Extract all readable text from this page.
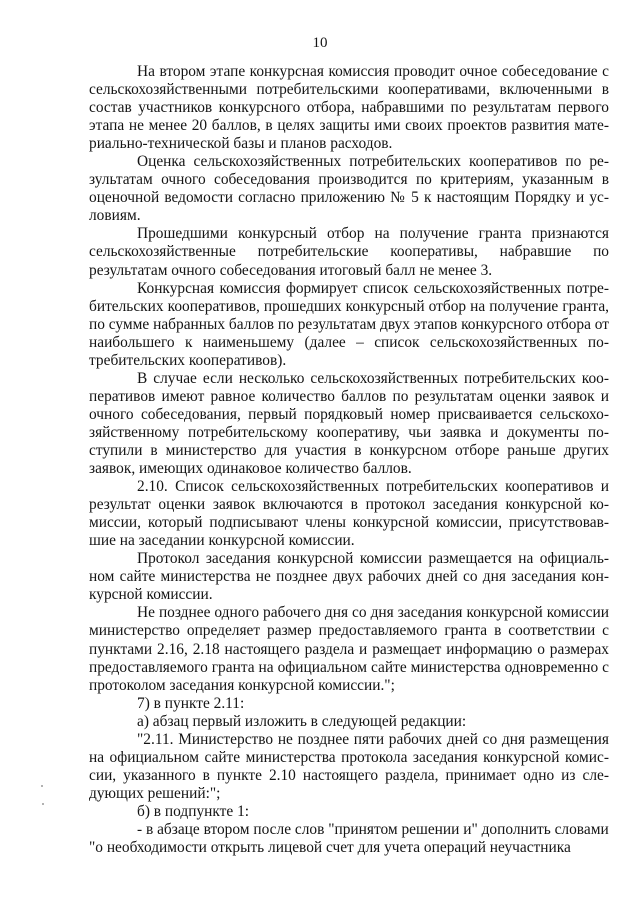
10

На втором этапе конкурсная комиссия проводит очное собеседование с сельскохозяйственными потребительскими кооперативами, включенными в состав участников конкурсного отбора, набравшими по результатам первого этапа не менее 20 баллов, в целях защиты ими своих проектов развития материально-технической базы и планов расходов.

Оценка сельскохозяйственных потребительских кооперативов по результатам очного собеседования производится по критериям, указанным в оценочной ведомости согласно приложению № 5 к настоящим Порядку и условиям.

Прошедшими конкурсный отбор на получение гранта признаются сельскохозяйственные потребительские кооперативы, набравшие по результатам очного собеседования итоговый балл не менее 3.

Конкурсная комиссия формирует список сельскохозяйственных потребительских кооперативов, прошедших конкурсный отбор на получение гранта, по сумме набранных баллов по результатам двух этапов конкурсного отбора от наибольшего к наименьшему (далее – список сельскохозяйственных потребительских кооперативов).

В случае если несколько сельскохозяйственных потребительских кооперативов имеют равное количество баллов по результатам оценки заявок и очного собеседования, первый порядковый номер присваивается сельскохозяйственному потребительскому кооперативу, чьи заявка и документы поступили в министерство для участия в конкурсном отборе раньше других заявок, имеющих одинаковое количество баллов.

2.10. Список сельскохозяйственных потребительских кооперативов и результат оценки заявок включаются в протокол заседания конкурсной комиссии, который подписывают члены конкурсной комиссии, присутствовавшие на заседании конкурсной комиссии.

Протокол заседания конкурсной комиссии размещается на официальном сайте министерства не позднее двух рабочих дней со дня заседания конкурсной комиссии.

Не позднее одного рабочего дня со дня заседания конкурсной комиссии министерство определяет размер предоставляемого гранта в соответствии с пунктами 2.16, 2.18 настоящего раздела и размещает информацию о размерах предоставляемого гранта на официальном сайте министерства одновременно с протоколом заседания конкурсной комиссии.";

7) в пункте 2.11:

а) абзац первый изложить в следующей редакции:

"2.11. Министерство не позднее пяти рабочих дней со дня размещения на официальном сайте министерства протокола заседания конкурсной комиссии, указанного в пункте 2.10 настоящего раздела, принимает одно из следующих решений:";

б) в подпункте 1:

- в абзаце втором после слов "принятом решении и" дополнить словами

"о необходимости открыть лицевой счет для учета операций неучастника
